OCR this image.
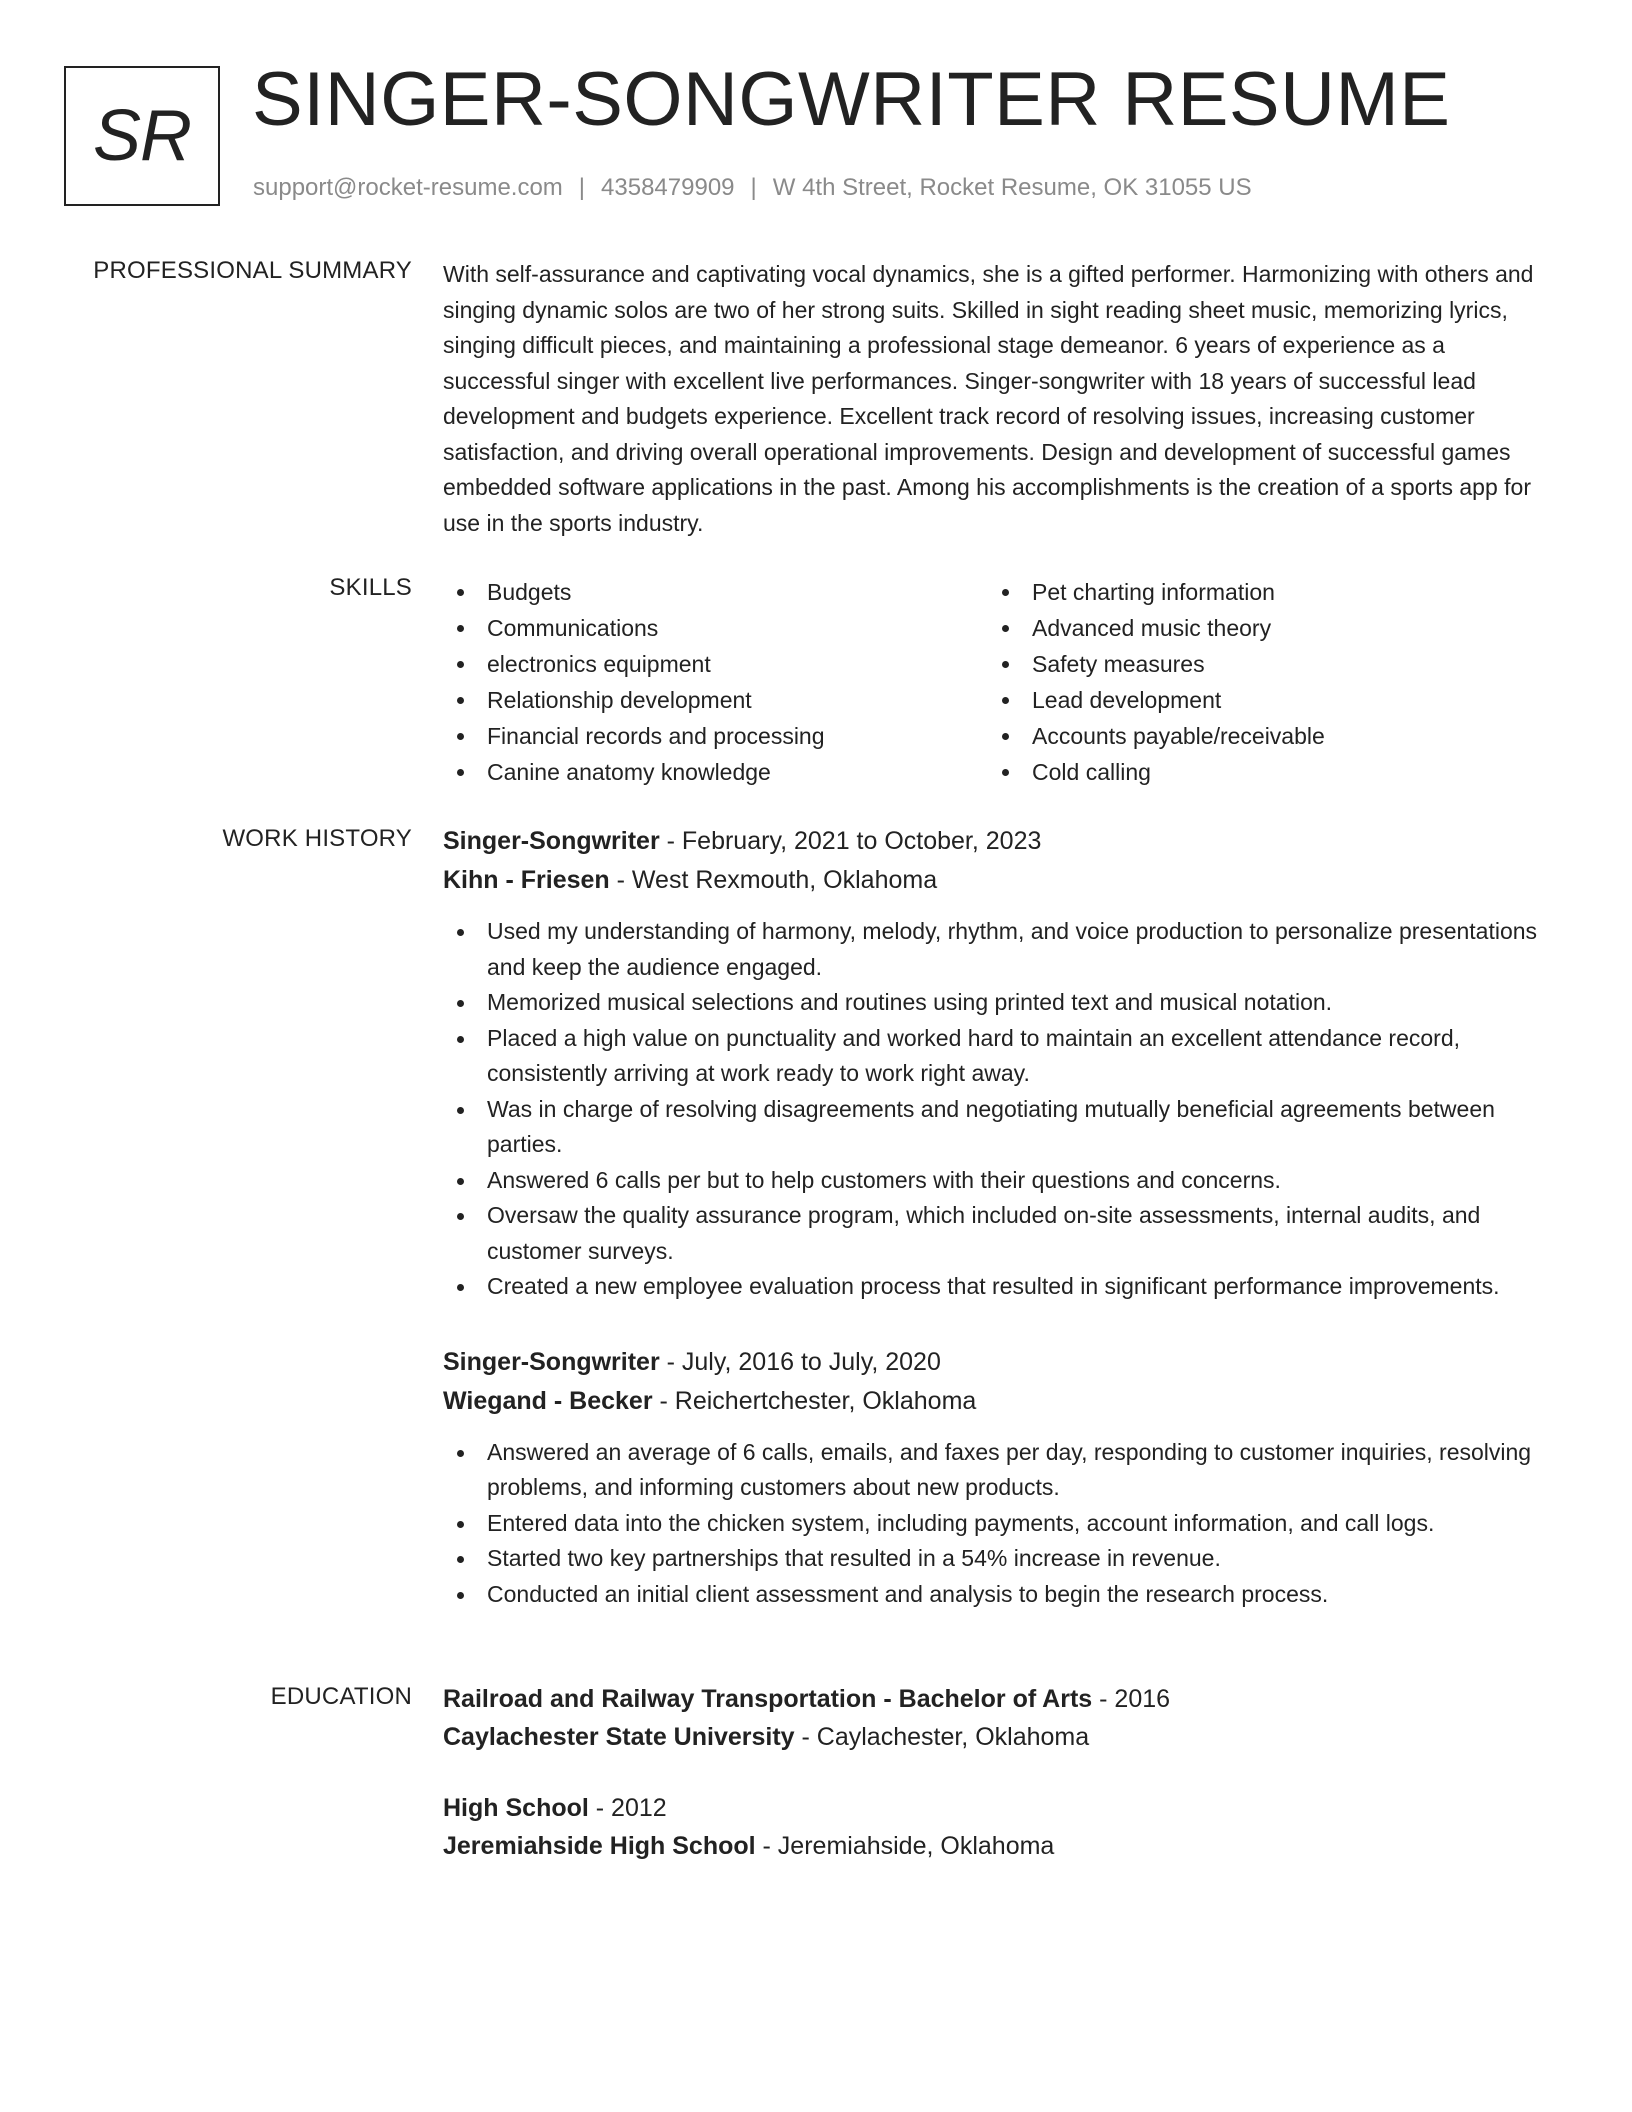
SR SINGER-SONGWRITER RESUME
support@rocket-resume.com | 4358479909 | W 4th Street, Rocket Resume, OK 31055 US
PROFESSIONAL SUMMARY With self-assurance and captivating vocal dynamics, she is a gifted performer. Harmonizing with others and singing dynamic solos are two of her strong suits. Skilled in sight reading sheet music, memorizing lyrics, singing difficult pieces, and maintaining a professional stage demeanor. 6 years of experience as a successful singer with excellent live performances. Singer-songwriter with 18 years of successful lead development and budgets experience. Excellent track record of resolving issues, increasing customer satisfaction, and driving overall operational improvements. Design and development of successful games embedded software applications in the past. Among his accomplishments is the creation of a sports app for use in the sports industry.

SKILLS	Budgets
Communications
electronics equipment
Relationship development
Financial records and processing
Canine anatomy knowledge
Pet charting information
Advanced music theory
Safety measures
Lead development
Accounts payable/receivable
Cold calling
WORK HISTORY Singer-Songwriter - February, 2021 to October, 2023
Kihn - Friesen - West Rexmouth, Oklahoma
Used my understanding of harmony, melody, rhythm, and voice production to personalize presentations and keep the audience engaged.
Memorized musical selections and routines using printed text and musical notation.
Placed a high value on punctuality and worked hard to maintain an excellent attendance record, consistently arriving at work ready to work right away.
Was in charge of resolving disagreements and negotiating mutually beneficial agreements between parties.
Answered 6 calls per but to help customers with their questions and concerns.
Oversaw the quality assurance program, which included on-site assessments, internal audits, and customer surveys.
Created a new employee evaluation process that resulted in significant performance improvements.
Singer-Songwriter - July, 2016 to July, 2020
Wiegand - Becker - Reichertchester, Oklahoma
Answered an average of 6 calls, emails, and faxes per day, responding to customer inquiries, resolving problems, and informing customers about new products.
Entered data into the chicken system, including payments, account information, and call logs.
Started two key partnerships that resulted in a 54% increase in revenue.
Conducted an initial client assessment and analysis to begin the research process.
EDUCATION Railroad and Railway Transportation - Bachelor of Arts - 2016
Caylachester State University - Caylachester, Oklahoma
High School - 2012
Jeremiahside High School - Jeremiahside, Oklahoma
